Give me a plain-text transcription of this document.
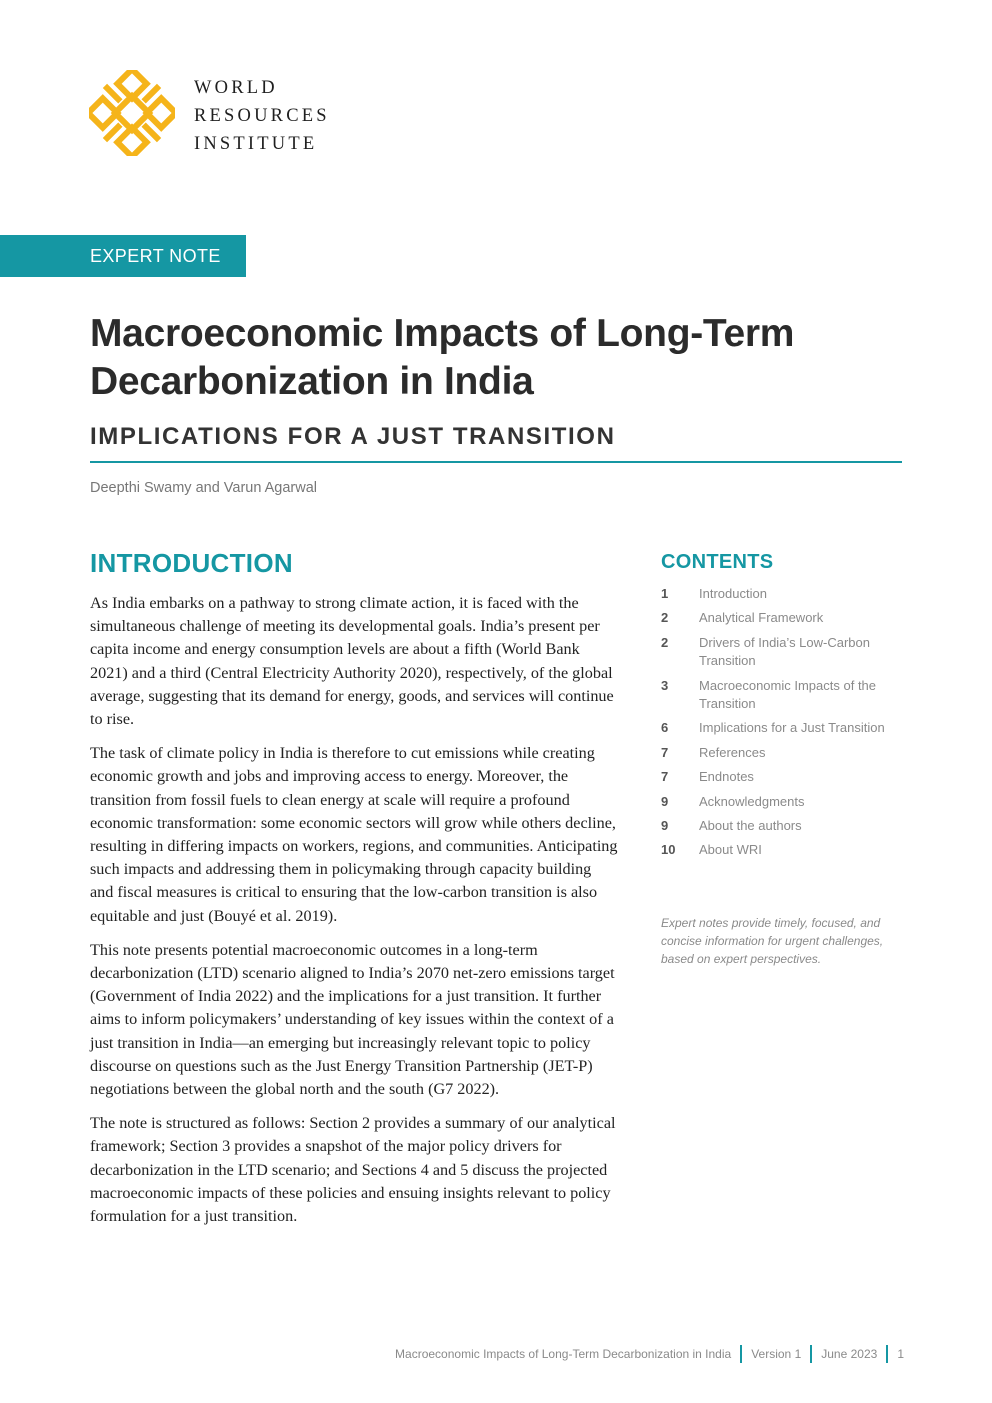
WORLD
RESOURCES
INSTITUTE
EXPERT NOTE
Macroeconomic Impacts of Long-Term Decarbonization in India
IMPLICATIONS FOR A JUST TRANSITION
Deepthi Swamy and Varun Agarwal
INTRODUCTION

As India embarks on a pathway to strong climate action, it is faced with the simultaneous challenge of meeting its developmental goals. India’s present per capita income and energy consumption levels are about a fifth (World Bank 2021) and a third (Central Electricity Authority 2020), respectively, of the global average, suggesting that its demand for energy, goods, and services will continue to rise.

The task of climate policy in India is therefore to cut emissions while creating economic growth and jobs and improving access to energy. Moreover, the transition from fossil fuels to clean energy at scale will require a profound economic transformation: some economic sectors will grow while others decline, resulting in differing impacts on workers, regions, and communities. Anticipating such impacts and addressing them in policymaking through capacity building and fiscal measures is critical to ensuring that the low-carbon transition is also equitable and just (Bouyé et al. 2019).

This note presents potential macroeconomic outcomes in a long-term decarbonization (LTD) scenario aligned to India’s 2070 net-zero emissions target (Government of India 2022) and the implications for a just transition. It further aims to inform policymakers’ understanding of key issues within the context of a just transition in India—an emerging but increasingly relevant topic to policy discourse on questions such as the Just Energy Transition Partnership (JET-P) negotiations between the global north and the south (G7 2022).

The note is structured as follows: Section 2 provides a summary of our analytical framework; Section 3 provides a snapshot of the major policy drivers for decarbonization in the LTD scenario; and Sections 4 and 5 discuss the projected macroeconomic impacts of these policies and ensuing insights relevant to policy formulation for a just transition.

CONTENTS
1	Introduction
2	Analytical Framework
2	Drivers of India’s Low-Carbon Transition
3	Macroeconomic Impacts of the Transition
6	Implications for a Just Transition
7	References
7	Endnotes
9	Acknowledgments
9	About the authors
10	About WRI
Expert notes provide timely, focused, and concise information for urgent challenges, based on expert perspectives.
Macroeconomic Impacts of Long-Term Decarbonization in India Version 1 June 2023 1
